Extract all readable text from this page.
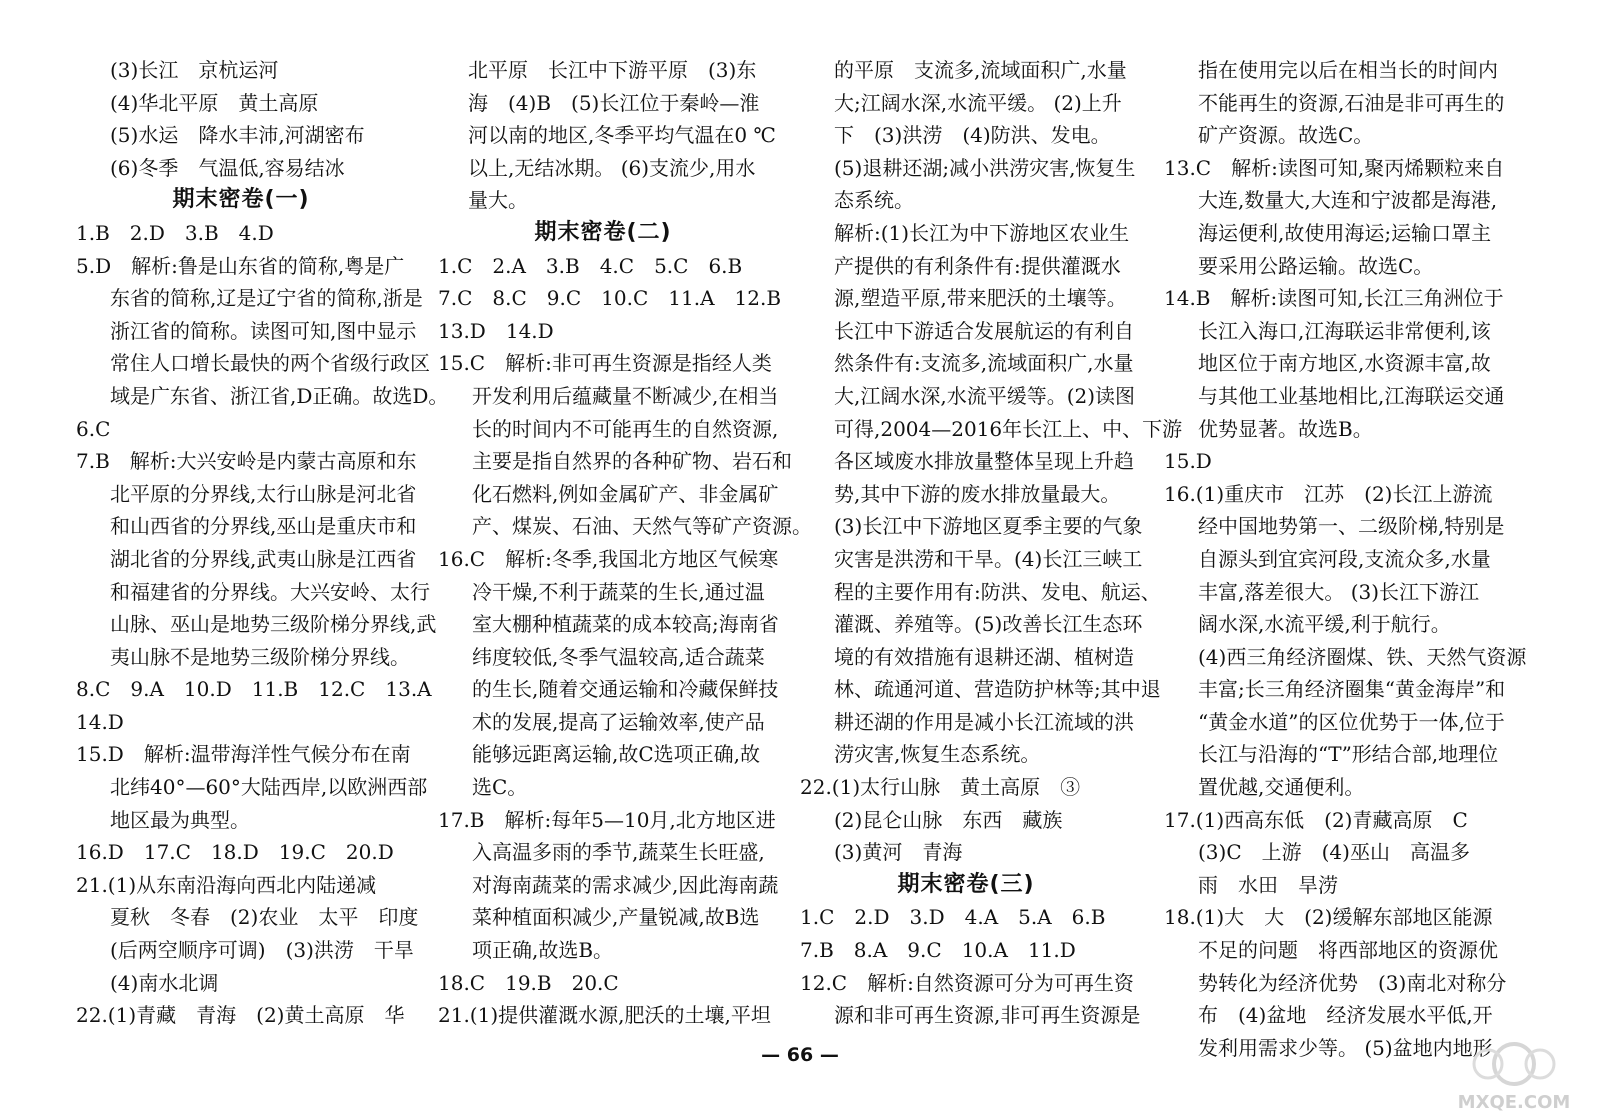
(3)长江　京杭运河
(4)华北平原　黄土高原
(5)水运　降水丰沛,河湖密布
(6)冬季　气温低,容易结冰
期末密卷(一)
1.B　2.D　3.B　4.D
5.D　解析:鲁是山东省的简称,粤是广
东省的简称,辽是辽宁省的简称,浙是
浙江省的简称。读图可知,图中显示
常住人口增长最快的两个省级行政区
域是广东省、浙江省,D正确。故选D。
6.C
7.B　解析:大兴安岭是内蒙古高原和东
北平原的分界线,太行山脉是河北省
和山西省的分界线,巫山是重庆市和
湖北省的分界线,武夷山脉是江西省
和福建省的分界线。大兴安岭、太行
山脉、巫山是地势三级阶梯分界线,武
夷山脉不是地势三级阶梯分界线。
8.C　9.A　10.D　11.B　12.C　13.A
14.D
15.D　解析:温带海洋性气候分布在南
北纬40°—60°大陆西岸,以欧洲西部
地区最为典型。
16.D　17.C　18.D　19.C　20.D
21.(1)从东南沿海向西北内陆递减
夏秋　冬春　(2)农业　太平　印度
(后两空顺序可调)　(3)洪涝　干旱
(4)南水北调
22.(1)青藏　青海　(2)黄土高原　华
北平原　长江中下游平原　(3)东
海　(4)B　(5)长江位于秦岭—淮
河以南的地区,冬季平均气温在0 ℃
以上,无结冰期。 (6)支流少,用水
量大。
期末密卷(二)
1.C　2.A　3.B　4.C　5.C　6.B
7.C　8.C　9.C　10.C　11.A　12.B
13.D　14.D
15.C　解析:非可再生资源是指经人类
开发利用后蕴藏量不断减少,在相当
长的时间内不可能再生的自然资源,
主要是指自然界的各种矿物、岩石和
化石燃料,例如金属矿产、非金属矿
产、煤炭、石油、天然气等矿产资源。
16.C　解析:冬季,我国北方地区气候寒
冷干燥,不利于蔬菜的生长,通过温
室大棚种植蔬菜的成本较高;海南省
纬度较低,冬季气温较高,适合蔬菜
的生长,随着交通运输和冷藏保鲜技
术的发展,提高了运输效率,使产品
能够远距离运输,故C选项正确,故
选C。
17.B　解析:每年5—10月,北方地区进
入高温多雨的季节,蔬菜生长旺盛,
对海南蔬菜的需求减少,因此海南蔬
菜种植面积减少,产量锐减,故B选
项正确,故选B。
18.C　19.B　20.C
21.(1)提供灌溉水源,肥沃的土壤,平坦
的平原　支流多,流域面积广,水量
大;江阔水深,水流平缓。 (2)上升
下　(3)洪涝　(4)防洪、发电。
(5)退耕还湖;减小洪涝灾害,恢复生
态系统。
解析:(1)长江为中下游地区农业生
产提供的有利条件有:提供灌溉水
源,塑造平原,带来肥沃的土壤等。
长江中下游适合发展航运的有利自
然条件有:支流多,流域面积广,水量
大,江阔水深,水流平缓等。(2)读图
可得,2004—2016年长江上、中、下游
各区域废水排放量整体呈现上升趋
势,其中下游的废水排放量最大。
(3)长江中下游地区夏季主要的气象
灾害是洪涝和干旱。(4)长江三峡工
程的主要作用有:防洪、发电、航运、
灌溉、养殖等。(5)改善长江生态环
境的有效措施有退耕还湖、植树造
林、疏通河道、营造防护林等;其中退
耕还湖的作用是减小长江流域的洪
涝灾害,恢复生态系统。
22.(1)太行山脉　黄土高原　③
(2)昆仑山脉　东西　藏族
(3)黄河　青海
期末密卷(三)
1.C　2.D　3.D　4.A　5.A　6.B
7.B　8.A　9.C　10.A　11.D
12.C　解析:自然资源可分为可再生资
源和非可再生资源,非可再生资源是
指在使用完以后在相当长的时间内
不能再生的资源,石油是非可再生的
矿产资源。故选C。
13.C　解析:读图可知,聚丙烯颗粒来自
大连,数量大,大连和宁波都是海港,
海运便利,故使用海运;运输口罩主
要采用公路运输。故选C。
14.B　解析:读图可知,长江三角洲位于
长江入海口,江海联运非常便利,该
地区位于南方地区,水资源丰富,故
与其他工业基地相比,江海联运交通
优势显著。故选B。
15.D
16.(1)重庆市　江苏　(2)长江上游流
经中国地势第一、二级阶梯,特别是
自源头到宜宾河段,支流众多,水量
丰富,落差很大。 (3)长江下游江
阔水深,水流平缓,利于航行。
(4)西三角经济圈煤、铁、天然气资源
丰富;长三角经济圈集“黄金海岸”和
“黄金水道”的区位优势于一体,位于
长江与沿海的“T”形结合部,地理位
置优越,交通便利。
17.(1)西高东低　(2)青藏高原　C
(3)C　上游　(4)巫山　高温多
雨　水田　旱涝
18.(1)大　大　(2)缓解东部地区能源
不足的问题　将西部地区的资源优
势转化为经济优势　(3)南北对称分
布　(4)盆地　经济发展水平低,开
发利用需求少等。 (5)盆地内地形
— 66 —
MXQE.COM
